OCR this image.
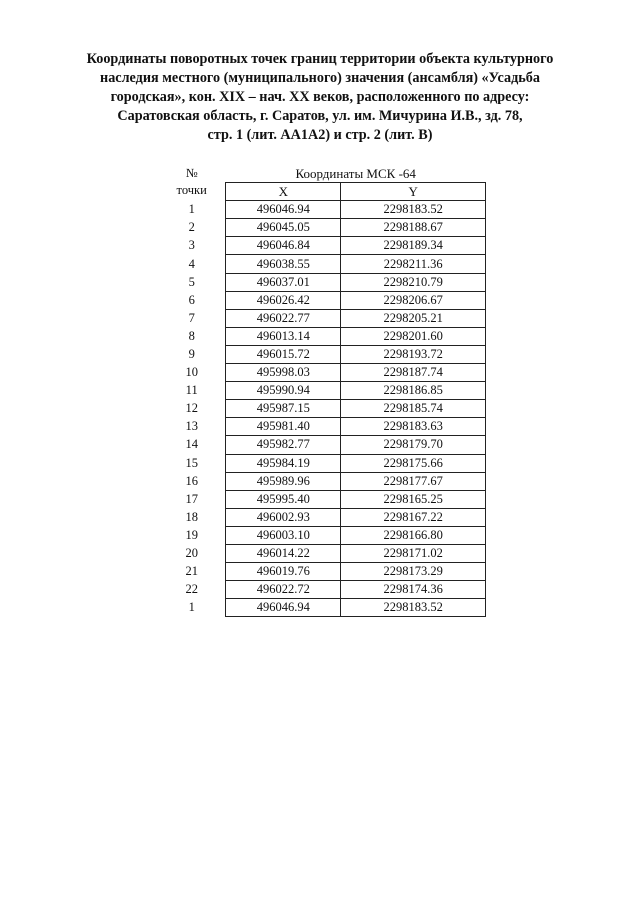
Координаты поворотных точек границ территории объекта культурного
наследия местного (муниципального) значения (ансамбля) «Усадьба
городская», кон. XIX – нач. XX веков, расположенного по адресу:
Саратовская область, г. Саратов, ул. им. Мичурина И.В., зд. 78,
стр. 1 (лит. АА1А2) и стр. 2 (лит. В)
№
точки	Координаты МСК -64	
	X	Y
1	496046.94	2298183.52
2	496045.05	2298188.67
3	496046.84	2298189.34
4	496038.55	2298211.36
5	496037.01	2298210.79
6	496026.42	2298206.67
7	496022.77	2298205.21
8	496013.14	2298201.60
9	496015.72	2298193.72
10	495998.03	2298187.74
11	495990.94	2298186.85
12	495987.15	2298185.74
13	495981.40	2298183.63
14	495982.77	2298179.70
15	495984.19	2298175.66
16	495989.96	2298177.67
17	495995.40	2298165.25
18	496002.93	2298167.22
19	496003.10	2298166.80
20	496014.22	2298171.02
21	496019.76	2298173.29
22	496022.72	2298174.36
1	496046.94	2298183.52
